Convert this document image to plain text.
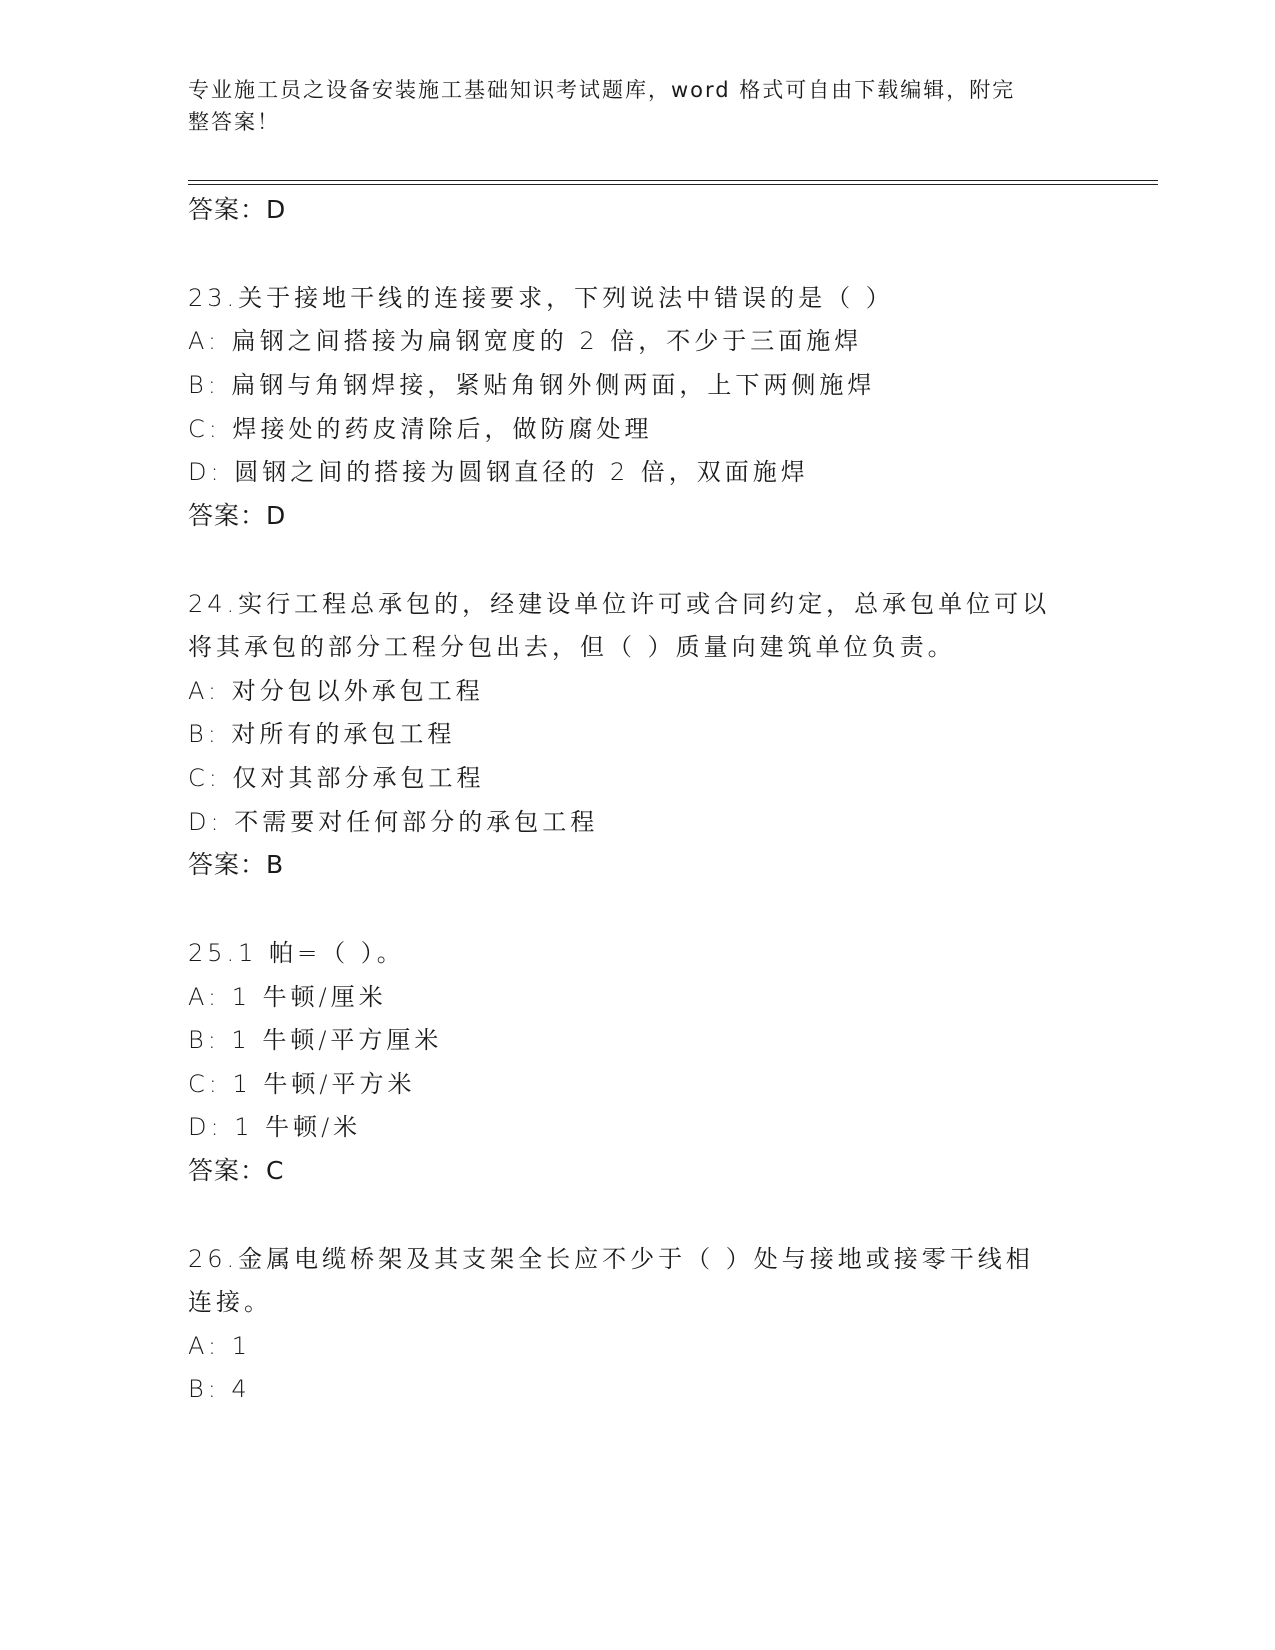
专业施工员之设备安装施工基础知识考试题库，word 格式可自由下载编辑，附完
整答案！
答案：D
23.关于接地干线的连接要求，下列说法中错误的是（ ）
A: 扁钢之间搭接为扁钢宽度的 2 倍，不少于三面施焊
B: 扁钢与角钢焊接，紧贴角钢外侧两面，上下两侧施焊
C: 焊接处的药皮清除后，做防腐处理
D: 圆钢之间的搭接为圆钢直径的 2 倍，双面施焊
答案：D
24.实行工程总承包的，经建设单位许可或合同约定，总承包单位可以
将其承包的部分工程分包出去，但（ ）质量向建筑单位负责。
A: 对分包以外承包工程
B: 对所有的承包工程
C: 仅对其部分承包工程
D: 不需要对任何部分的承包工程
答案：B
25.1 帕=（ ）。
A: 1 牛顿/厘米
B: 1 牛顿/平方厘米
C: 1 牛顿/平方米
D: 1 牛顿/米
答案：C
26.金属电缆桥架及其支架全长应不少于（ ）处与接地或接零干线相
连接。
A: 1
B: 4
